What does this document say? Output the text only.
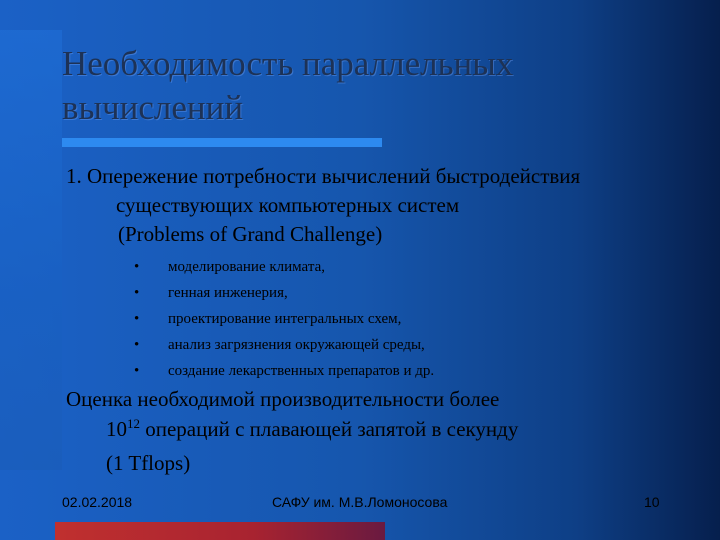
Необходимость параллельных
вычислений
1. Опережение потребности вычислений быстродействия
существующих компьютерных систем
(Problems of Grand Challenge)
•	моделирование климата,
•	генная инженерия,
•	проектирование интегральных схем,
•	анализ загрязнения окружающей среды,
•	создание лекарственных препаратов и др.
Оценка необходимой производительности более
$10^{12}$ операций с плавающей запятой в секунду
(1 Tflops)
02.02.2018	САФУ им. М.В.Ломоносова	10
